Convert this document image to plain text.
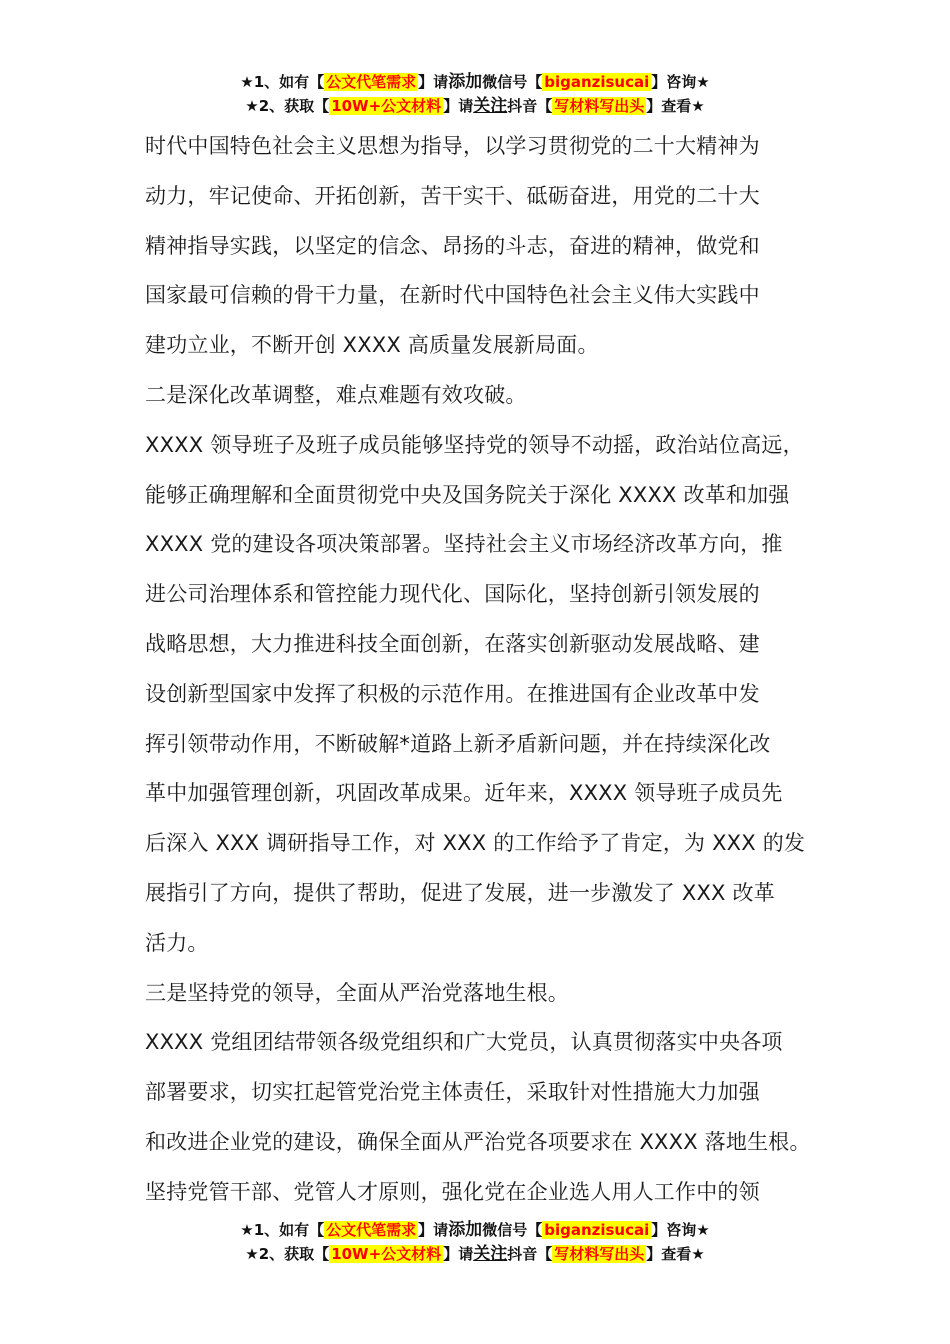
★1、如有【 公文代笔需求 】请添加微信号【 biganzisucai 】咨询★
★2、获取【 10W+公文材料 】请关注抖音【 写材料写出头 】查看★

时代中国特色社会主义思想为指导，以学习贯彻党的二十大精神为

动力，牢记使命、开拓创新，苦干实干、砥砺奋进，用党的二十大

精神指导实践，以坚定的信念、昂扬的斗志，奋进的精神，做党和

国家最可信赖的骨干力量，在新时代中国特色社会主义伟大实践中

建功立业，不断开创 XXXX 高质量发展新局面。

二是深化改革调整，难点难题有效攻破。

XXXX 领导班子及班子成员能够坚持党的领导不动摇，政治站位高远，

能够正确理解和全面贯彻党中央及国务院关于深化 XXXX 改革和加强

XXXX 党的建设各项决策部署。坚持社会主义市场经济改革方向，推

进公司治理体系和管控能力现代化、国际化，坚持创新引领发展的

战略思想，大力推进科技全面创新，在落实创新驱动发展战略、建

设创新型国家中发挥了积极的示范作用。在推进国有企业改革中发

挥引领带动作用，不断破解*道路上新矛盾新问题，并在持续深化改

革中加强管理创新，巩固改革成果。近年来，XXXX 领导班子成员先

后深入 XXX 调研指导工作，对 XXX 的工作给予了肯定，为 XXX 的发

展指引了方向，提供了帮助，促进了发展，进一步激发了 XXX 改革

活力。

三是坚持党的领导，全面从严治党落地生根。

XXXX 党组团结带领各级党组织和广大党员，认真贯彻落实中央各项

部署要求，切实扛起管党治党主体责任，采取针对性措施大力加强

和改进企业党的建设，确保全面从严治党各项要求在 XXXX 落地生根。

坚持党管干部、党管人才原则，强化党在企业选人用人工作中的领

★1、如有【 公文代笔需求 】请添加微信号【 biganzisucai 】咨询★
★2、获取【 10W+公文材料 】请关注抖音【 写材料写出头 】查看★
